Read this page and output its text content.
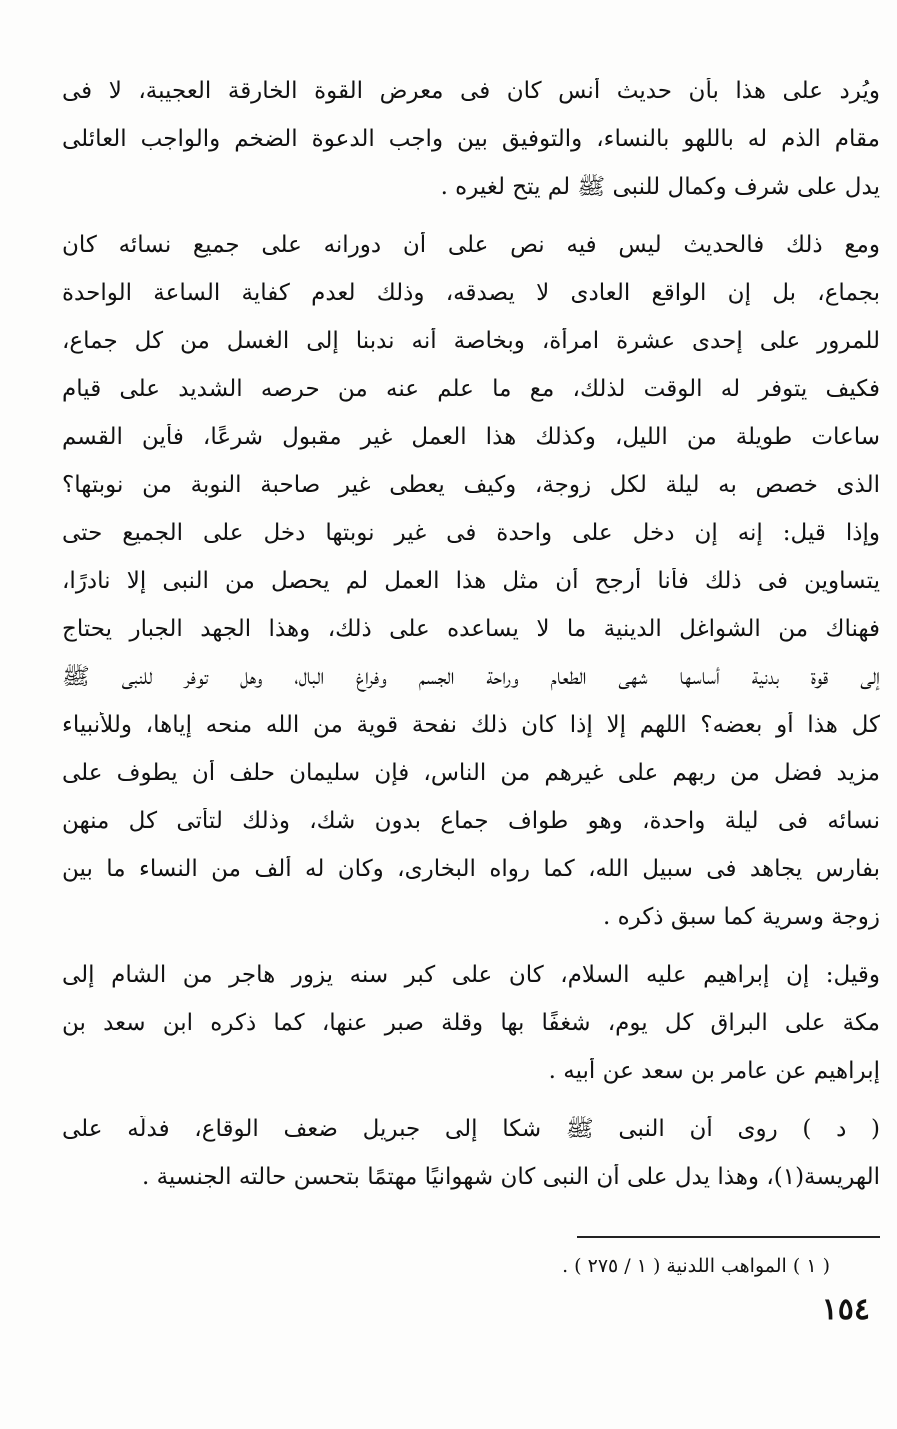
ويُرد على هذا بأن حديث أنس كان فى معرض القوة الخارقة العجيبة، لا فى
مقام الذم له باللهو بالنساء، والتوفيق بين واجب الدعوة الضخم والواجب العائلى
يدل على شرف وكمال للنبى ﷺ لم يتح لغيره .
ومع ذلك فالحديث ليس فيه نص على أن دورانه على جميع نسائه كان
بجماع، بل إن الواقع العادى لا يصدقه، وذلك لعدم كفاية الساعة الواحدة
للمرور على إحدى عشرة امرأة، وبخاصة أنه ندبنا إلى الغسل من كل جماع،
فكيف يتوفر له الوقت لذلك، مع ما علم عنه من حرصه الشديد على قيام
ساعات طويلة من الليل، وكذلك هذا العمل غير مقبول شرعًا، فأين القسم
الذى خصص به ليلة لكل زوجة، وكيف يعطى غير صاحبة النوبة من نوبتها؟
وإذا قيل: إنه إن دخل على واحدة فى غير نوبتها دخل على الجميع حتى
يتساوين فى ذلك فأنا أرجح أن مثل هذا العمل لم يحصل من النبى إلا نادرًا،
فهناك من الشواغل الدينية ما لا يساعده على ذلك، وهذا الجهد الجبار يحتاج
إلى قوة بدنية أساسها شهى الطعام وراحة الجسم وفراغ البال، وهل توفر للنبى ﷺ
كل هذا أو بعضه؟ اللهم إلا إذا كان ذلك نفحة قوية من الله منحه إياها، وللأنبياء
مزيد فضل من ربهم على غيرهم من الناس، فإن سليمان حلف أن يطوف على
نسائه فى ليلة واحدة، وهو طواف جماع بدون شك، وذلك لتأتى كل منهن
بفارس يجاهد فى سبيل الله، كما رواه البخارى، وكان له ألف من النساء ما بين
زوجة وسرية كما سبق ذكره .
وقيل: إن إبراهيم عليه السلام، كان على كبر سنه يزور هاجر من الشام إلى
مكة على البراق كل يوم، شغفًا بها وقلة صبر عنها، كما ذكره ابن سعد بن
إبراهيم عن عامر بن سعد عن أبيه .
( د ) روى أن النبى ﷺ شكا إلى جبريل ضعف الوقاع، فدلَّه على
الهريسة(١)، وهذا يدل على أن النبى كان شهوانيًا مهتمًا بتحسن حالته الجنسية .
( ١ ) المواهب اللدنية ( ١ / ٢٧٥ ) .
١٥٤
